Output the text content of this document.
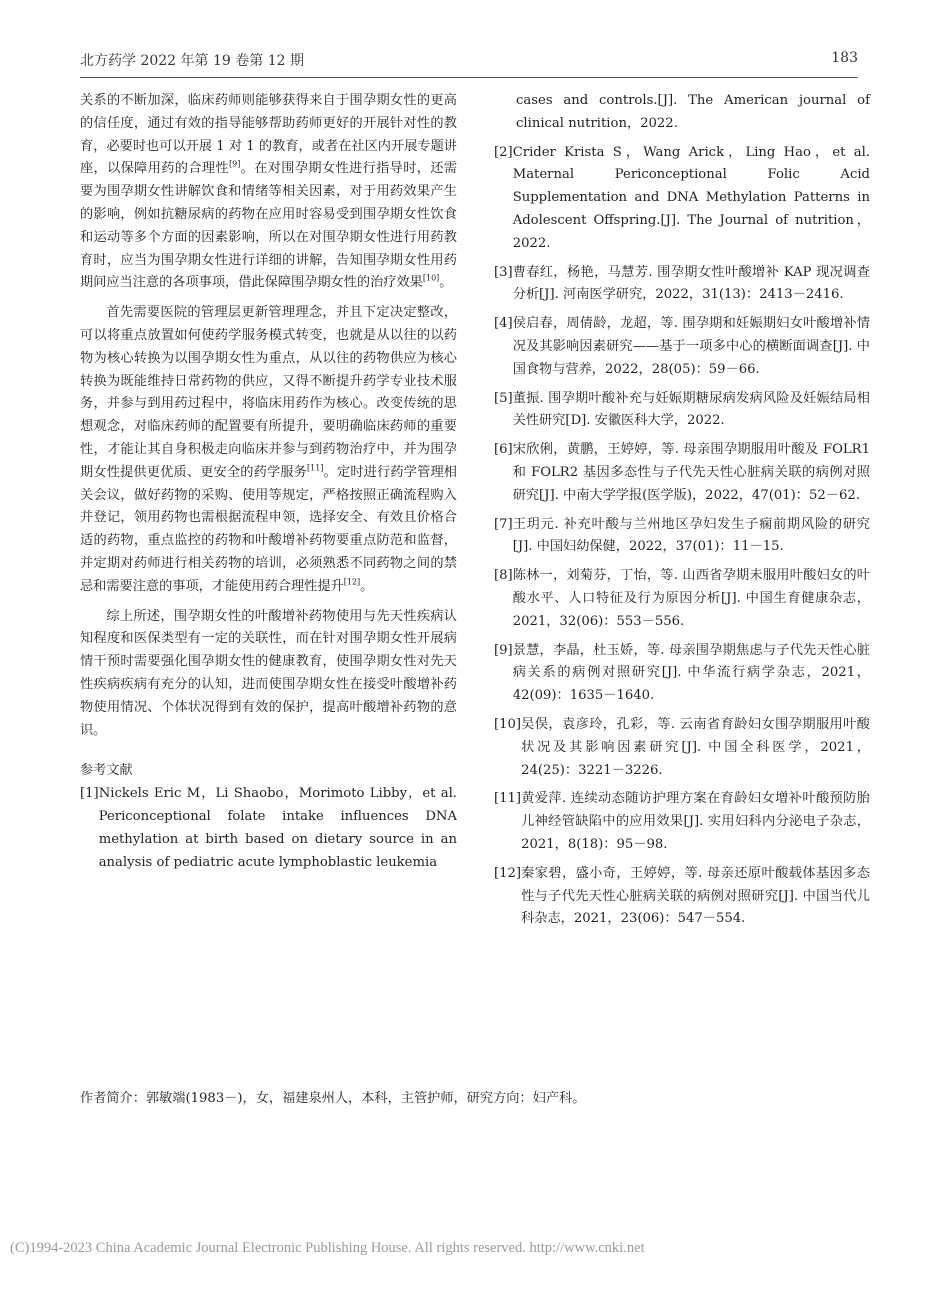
北方药学 2022 年第 19 卷第 12 期	183

关系的不断加深，临床药师则能够获得来自于围孕期女性的更高的信任度，通过有效的指导能够帮助药师更好的开展针对性的教育，必要时也可以开展 1 对 1 的教育，或者在社区内开展专题讲座，以保障用药的合理性[9]。在对围孕期女性进行指导时，还需要为围孕期女性讲解饮食和情绪等相关因素，对于用药效果产生的影响，例如抗糖尿病的药物在应用时容易受到围孕期女性饮食和运动等多个方面的因素影响，所以在对围孕期女性进行用药教育时，应当为围孕期女性进行详细的讲解，告知围孕期女性用药期间应当注意的各项事项，借此保障围孕期女性的治疗效果[10]。

首先需要医院的管理层更新管理理念，并且下定决定整改，可以将重点放置如何使药学服务模式转变，也就是从以往的以药物为核心转换为以围孕期女性为重点，从以往的药物供应为核心转换为既能维持日常药物的供应，又得不断提升药学专业技术服务，并参与到用药过程中，将临床用药作为核心。改变传统的思想观念，对临床药师的配置要有所提升，要明确临床药师的重要性，才能让其自身积极走向临床并参与到药物治疗中，并为围孕期女性提供更优质、更安全的药学服务[11]。定时进行药学管理相关会议，做好药物的采购、使用等规定，严格按照正确流程购入并登记，领用药物也需根据流程申领，选择安全、有效且价格合适的药物，重点监控的药物和叶酸增补药物要重点防范和监督，并定期对药师进行相关药物的培训，必须熟悉不同药物之间的禁忌和需要注意的事项，才能使用药合理性提升[12]。

综上所述，围孕期女性的叶酸增补药物使用与先天性疾病认知程度和医保类型有一定的关联性，而在针对围孕期女性开展病情干预时需要强化围孕期女性的健康教育，使围孕期女性对先天性疾病疾病有充分的认知，进而使围孕期女性在接受叶酸增补药物使用情况、个体状况得到有效的保护，提高叶酸增补药物的意识。

参考文献

[1] Nickels Eric M，Li Shaobo，Morimoto Libby，et al. Periconceptional folate intake influences DNA methylation at birth based on dietary source in an analysis of pediatric acute lymphoblastic leukemia
cases and controls.[J]. The American journal of clinical nutrition，2022.
[2] Crider Krista S，Wang Arick，Ling Hao，et al. Maternal Periconceptional Folic Acid Supplementation and DNA Methylation Patterns in Adolescent Offspring.[J]. The Journal of nutrition，2022.
[3] 曹春红，杨艳，马慧芳. 围孕期女性叶酸增补 KAP 现况调查分析[J]. 河南医学研究，2022，31(13)：2413－2416.
[4] 侯启春，周倩龄，龙超，等. 围孕期和妊娠期妇女叶酸增补情况及其影响因素研究——基于一项多中心的横断面调查[J]. 中国食物与营养，2022，28(05)：59－66.
[5] 董振. 围孕期叶酸补充与妊娠期糖尿病发病风险及妊娠结局相关性研究[D]. 安徽医科大学，2022.
[6] 宋欣俐，黄鹏，王婷婷，等. 母亲围孕期服用叶酸及 FOLR1 和 FOLR2 基因多态性与子代先天性心脏病关联的病例对照研究[J]. 中南大学学报(医学版)，2022，47(01)：52－62.
[7] 王玥元. 补充叶酸与兰州地区孕妇发生子痫前期风险的研究[J]. 中国妇幼保健，2022，37(01)：11－15.
[8] 陈林一，刘菊芬，丁怡，等. 山西省孕期未服用叶酸妇女的叶酸水平、人口特征及行为原因分析[J]. 中国生育健康杂志，2021，32(06)：553－556.
[9] 景慧，李晶，杜玉娇，等. 母亲围孕期焦虑与子代先天性心脏病关系的病例对照研究[J]. 中华流行病学杂志，2021，42(09)：1635－1640.
[10] 吴俣，袁彦玲，孔彩，等. 云南省育龄妇女围孕期服用叶酸状况及其影响因素研究[J]. 中国全科医学，2021，24(25)：3221－3226.
[11] 黄爱萍. 连续动态随访护理方案在育龄妇女增补叶酸预防胎儿神经管缺陷中的应用效果[J]. 实用妇科内分泌电子杂志，2021，8(18)：95－98.
[12] 秦家碧，盛小奇，王婷婷，等. 母亲还原叶酸载体基因多态性与子代先天性心脏病关联的病例对照研究[J]. 中国当代儿科杂志，2021，23(06)：547－554.
作者简介：郭敏端(1983－)，女，福建泉州人，本科，主管护师，研究方向：妇产科。
(C)1994-2023 China Academic Journal Electronic Publishing House. All rights reserved. http://www.cnki.net
